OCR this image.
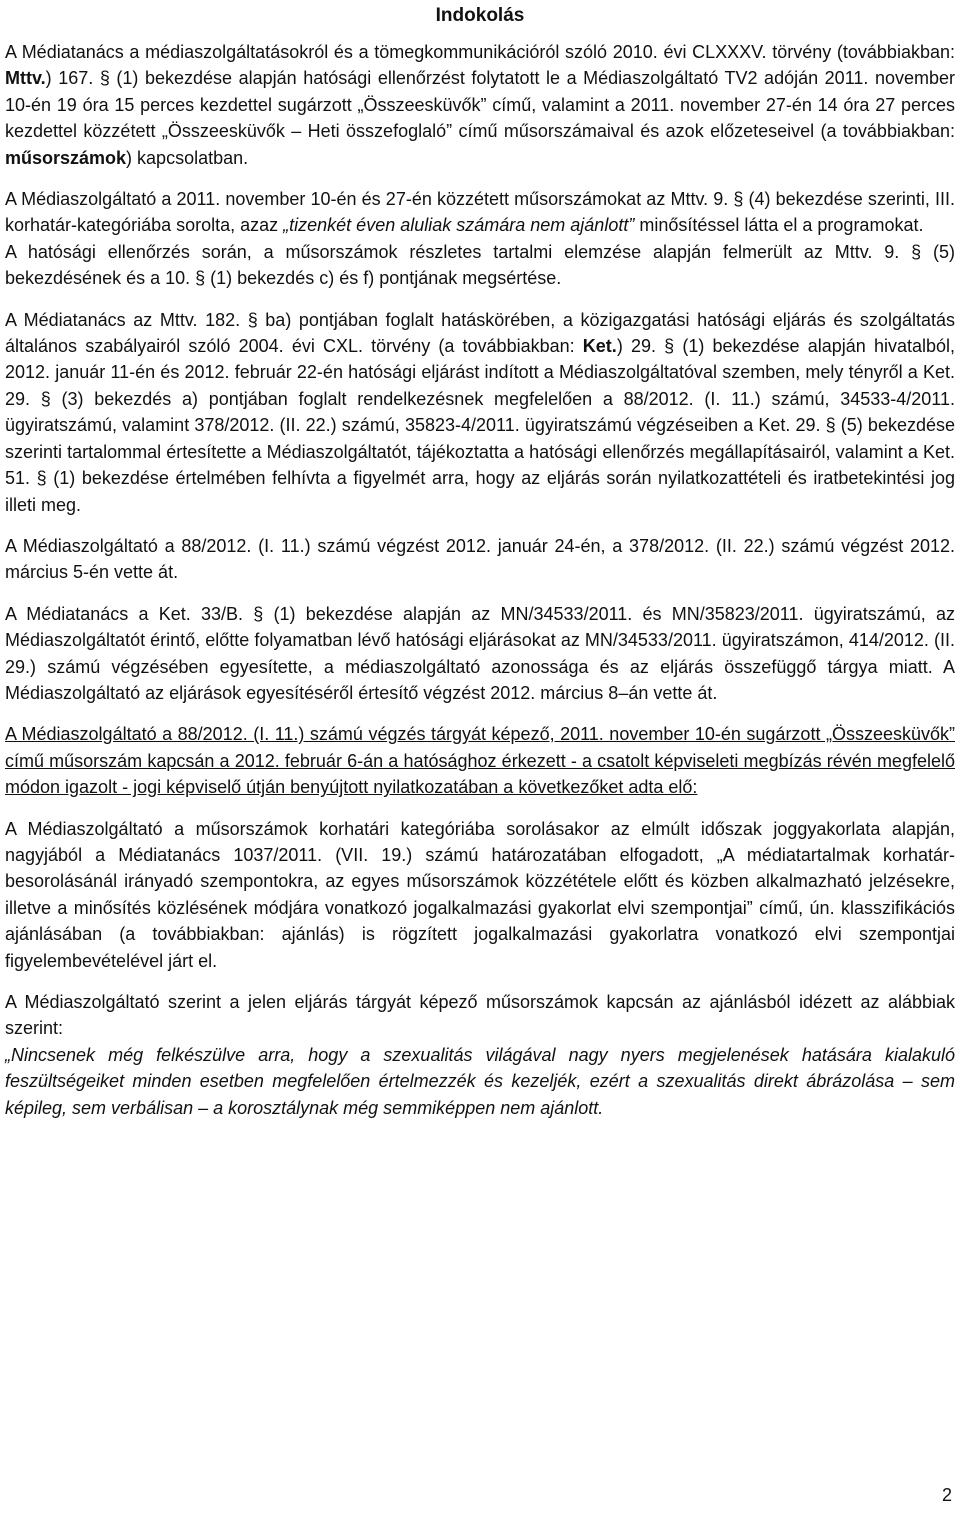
Indokolás

A Médiatanács a médiaszolgáltatásokról és a tömegkommunikációról szóló 2010. évi CLXXXV. törvény (továbbiakban: Mttv.) 167. § (1) bekezdése alapján hatósági ellenőrzést folytatott le a Médiaszolgáltató TV2 adóján 2011. november 10-én 19 óra 15 perces kezdettel sugárzott „Összeesküvők” című, valamint a 2011. november 27-én 14 óra 27 perces kezdettel közzétett „Összeesküvők – Heti összefoglaló” című műsorszámaival és azok előzeteseivel (a továbbiakban: műsorszámok) kapcsolatban.

A Médiaszolgáltató a 2011. november 10-én és 27-én közzétett műsorszámokat az Mttv. 9. § (4) bekezdése szerinti, III. korhatár-kategóriába sorolta, azaz „tizenkét éven aluliak számára nem ajánlott” minősítéssel látta el a programokat.

A hatósági ellenőrzés során, a műsorszámok részletes tartalmi elemzése alapján felmerült az Mttv. 9. § (5) bekezdésének és a 10. § (1) bekezdés c) és f) pontjának megsértése.

A Médiatanács az Mttv. 182. § ba) pontjában foglalt hatáskörében, a közigazgatási hatósági eljárás és szolgáltatás általános szabályairól szóló 2004. évi CXL. törvény (a továbbiakban: Ket.) 29. § (1) bekezdése alapján hivatalból, 2012. január 11-én és 2012. február 22-én hatósági eljárást indított a Médiaszolgáltatóval szemben, mely tényről a Ket. 29. § (3) bekezdés a) pontjában foglalt rendelkezésnek megfelelően a 88/2012. (I. 11.) számú, 34533-4/2011. ügyiratszámú, valamint 378/2012. (II. 22.) számú, 35823-4/2011. ügyiratszámú végzéseiben a Ket. 29. § (5) bekezdése szerinti tartalommal értesítette a Médiaszolgáltatót, tájékoztatta a hatósági ellenőrzés megállapításairól, valamint a Ket. 51. § (1) bekezdése értelmében felhívta a figyelmét arra, hogy az eljárás során nyilatkozattételi és iratbetekintési jog illeti meg.

A Médiaszolgáltató a 88/2012. (I. 11.) számú végzést 2012. január 24-én, a 378/2012. (II. 22.) számú végzést 2012. március 5-én vette át.

A Médiatanács a Ket. 33/B. § (1) bekezdése alapján az MN/34533/2011. és MN/35823/2011. ügyiratszámú, az Médiaszolgáltatót érintő, előtte folyamatban lévő hatósági eljárásokat az MN/34533/2011. ügyiratszámon, 414/2012. (II. 29.) számú végzésében egyesítette, a médiaszolgáltató azonossága és az eljárás összefüggő tárgya miatt. A Médiaszolgáltató az eljárások egyesítéséről értesítő végzést 2012. március 8–án vette át.

A Médiaszolgáltató a 88/2012. (I. 11.) számú végzés tárgyát képező, 2011. november 10-én sugárzott „Összeesküvők” című műsorszám kapcsán a 2012. február 6-án a hatósághoz érkezett - a csatolt képviseleti megbízás révén megfelelő módon igazolt - jogi képviselő útján benyújtott nyilatkozatában a következőket adta elő:

A Médiaszolgáltató a műsorszámok korhatári kategóriába sorolásakor az elmúlt időszak joggyakorlata alapján, nagyjából a Médiatanács 1037/2011. (VII. 19.) számú határozatában elfogadott, „A médiatartalmak korhatár-besorolásánál irányadó szempontokra, az egyes műsorszámok közzététele előtt és közben alkalmazható jelzésekre, illetve a minősítés közlésének módjára vonatkozó jogalkalmazási gyakorlat elvi szempontjai” című, ún. klasszifikációs ajánlásában (a továbbiakban: ajánlás) is rögzített jogalkalmazási gyakorlatra vonatkozó elvi szempontjai figyelembevételével járt el.

A Médiaszolgáltató szerint a jelen eljárás tárgyát képező műsorszámok kapcsán az ajánlásból idézett az alábbiak szerint:

„Nincsenek még felkészülve arra, hogy a szexualitás világával nagy nyers megjelenések hatására kialakuló feszültségeiket minden esetben megfelelően értelmezzék és kezeljék, ezért a szexualitás direkt ábrázolása – sem képileg, sem verbálisan – a korosztálynak még semmiképpen nem ajánlott.

2
